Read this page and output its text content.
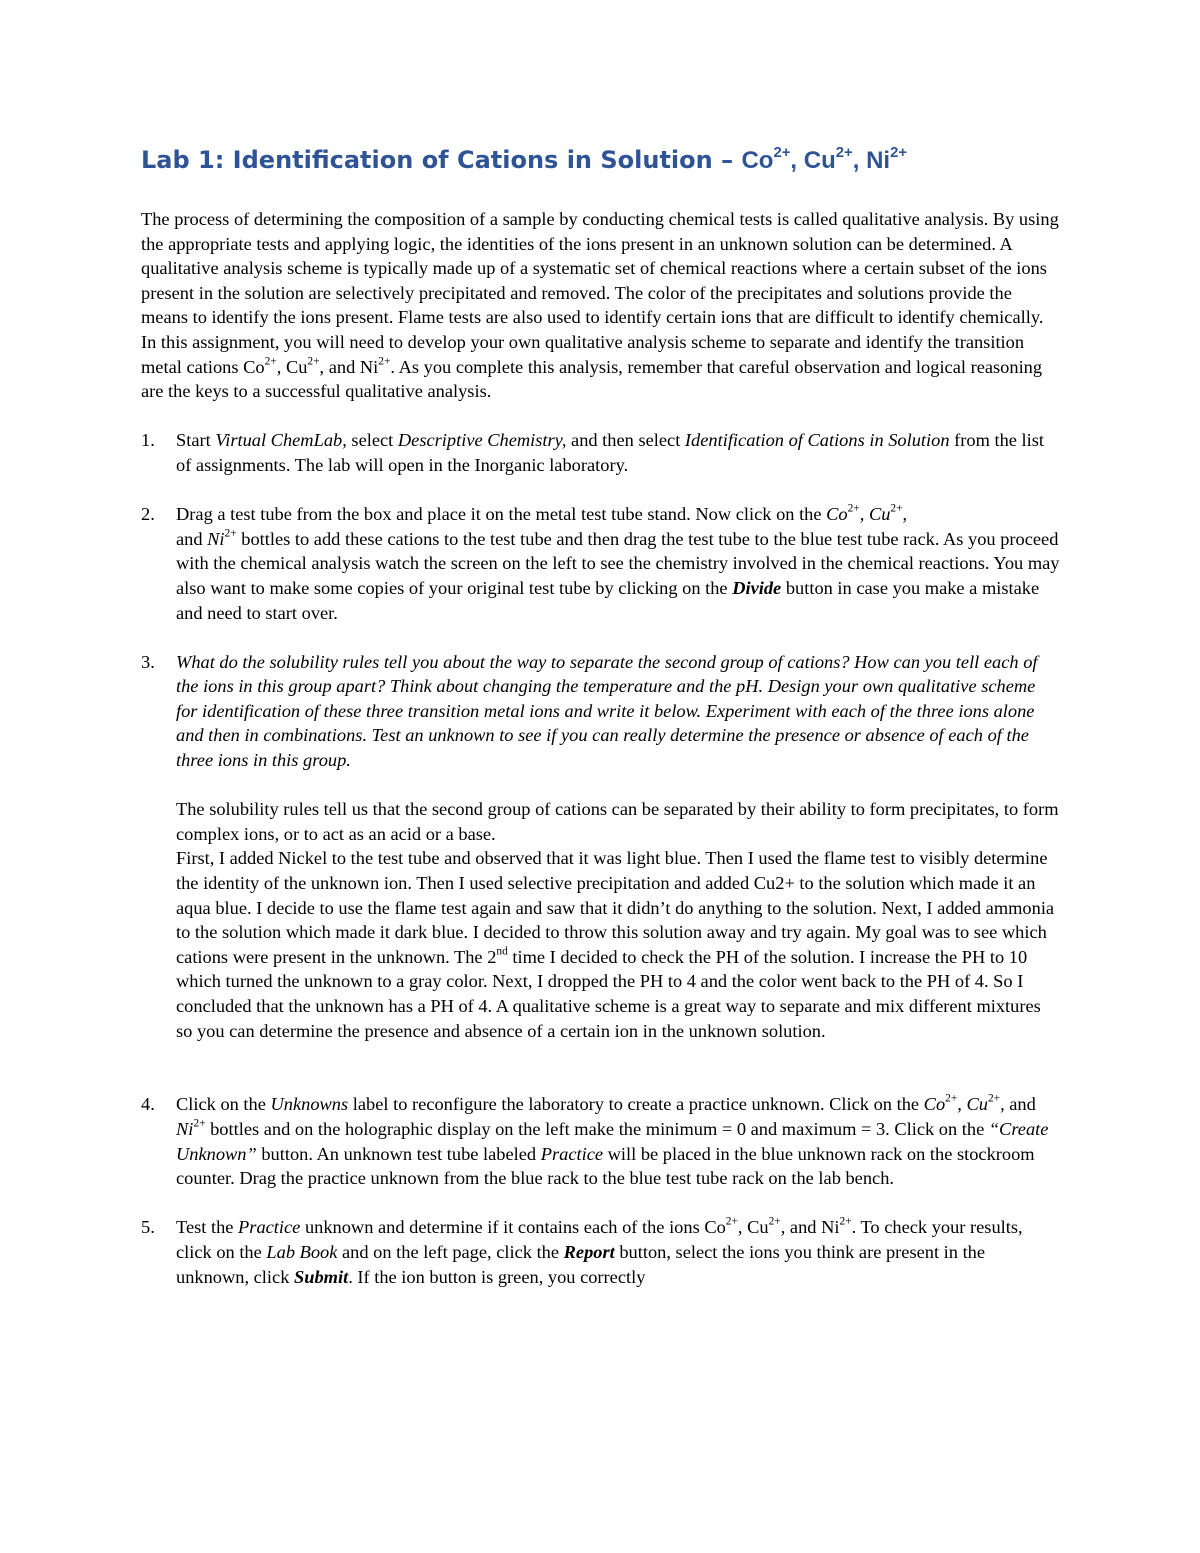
Lab 1: Identification of Cations in Solution – $Co^{2+}$, $Cu^{2+}$, $Ni^{2+}$

The process of determining the composition of a sample by conducting chemical tests is called qualitative analysis. By using the appropriate tests and applying logic, the identities of the ions present in an unknown solution can be determined. A qualitative analysis scheme is typically made up of a systematic set of chemical reactions where a certain subset of the ions present in the solution are selectively precipitated and removed. The color of the precipitates and solutions provide the means to identify the ions present. Flame tests are also used to identify certain ions that are difficult to identify chemically. In this assignment, you will need to develop your own qualitative analysis scheme to separate and identify the transition metal cations $Co^{2+}$, $Cu^{2+}$, and $Ni^{2+}$. As you complete this analysis, remember that careful observation and logical reasoning are the keys to a successful qualitative analysis.

1. Start Virtual ChemLab, select Descriptive Chemistry, and then select Identification of Cations in Solution from the list of assignments. The lab will open in the Inorganic laboratory.
2. Drag a test tube from the box and place it on the metal test tube stand. Now click on the $Co^{2+}$, $Cu^{2+}$,
and $Ni^{2+}$ bottles to add these cations to the test tube and then drag the test tube to the blue test tube rack. As you proceed with the chemical analysis watch the screen on the left to see the chemistry involved in the chemical reactions. You may also want to make some copies of your original test tube by clicking on the Divide button in case you make a mistake and need to start over.
3. What do the solubility rules tell you about the way to separate the second group of cations? How can you tell each of the ions in this group apart? Think about changing the temperature and the pH. Design your own qualitative scheme for identification of these three transition metal ions and write it below. Experiment with each of the three ions alone and then in combinations. Test an unknown to see if you can really determine the presence or absence of each of the three ions in this group.

The solubility rules tell us that the second group of cations can be separated by their ability to form precipitates, to form complex ions, or to act as an acid or a base.

First, I added Nickel to the test tube and observed that it was light blue. Then I used the flame test to visibly determine the identity of the unknown ion. Then I used selective precipitation and added Cu2+ to the solution which made it an aqua blue. I decide to use the flame test again and saw that it didn’t do anything to the solution. Next, I added ammonia to the solution which made it dark blue. I decided to throw this solution away and try again. My goal was to see which cations were present in the unknown. The 2nd time I decided to check the PH of the solution. I increase the PH to 10 which turned the unknown to a gray color. Next, I dropped the PH to 4 and the color went back to the PH of 4. So I concluded that the unknown has a PH of 4. A qualitative scheme is a great way to separate and mix different mixtures so you can determine the presence and absence of a certain ion in the unknown solution.

4. Click on the Unknowns label to reconfigure the laboratory to create a practice unknown. Click on the $Co^{2+}$, $Cu^{2+}$, and $Ni^{2+}$ bottles and on the holographic display on the left make the minimum = 0 and maximum = 3. Click on the “Create Unknown” button. An unknown test tube labeled Practice will be placed in the blue unknown rack on the stockroom counter. Drag the practice unknown from the blue rack to the blue test tube rack on the lab bench.
5. Test the Practice unknown and determine if it contains each of the ions $Co^{2+}$, $Cu^{2+}$, and $Ni^{2+}$. To check your results, click on the Lab Book and on the left page, click the Report button, select the ions you think are present in the unknown, click Submit. If the ion button is green, you correctly
